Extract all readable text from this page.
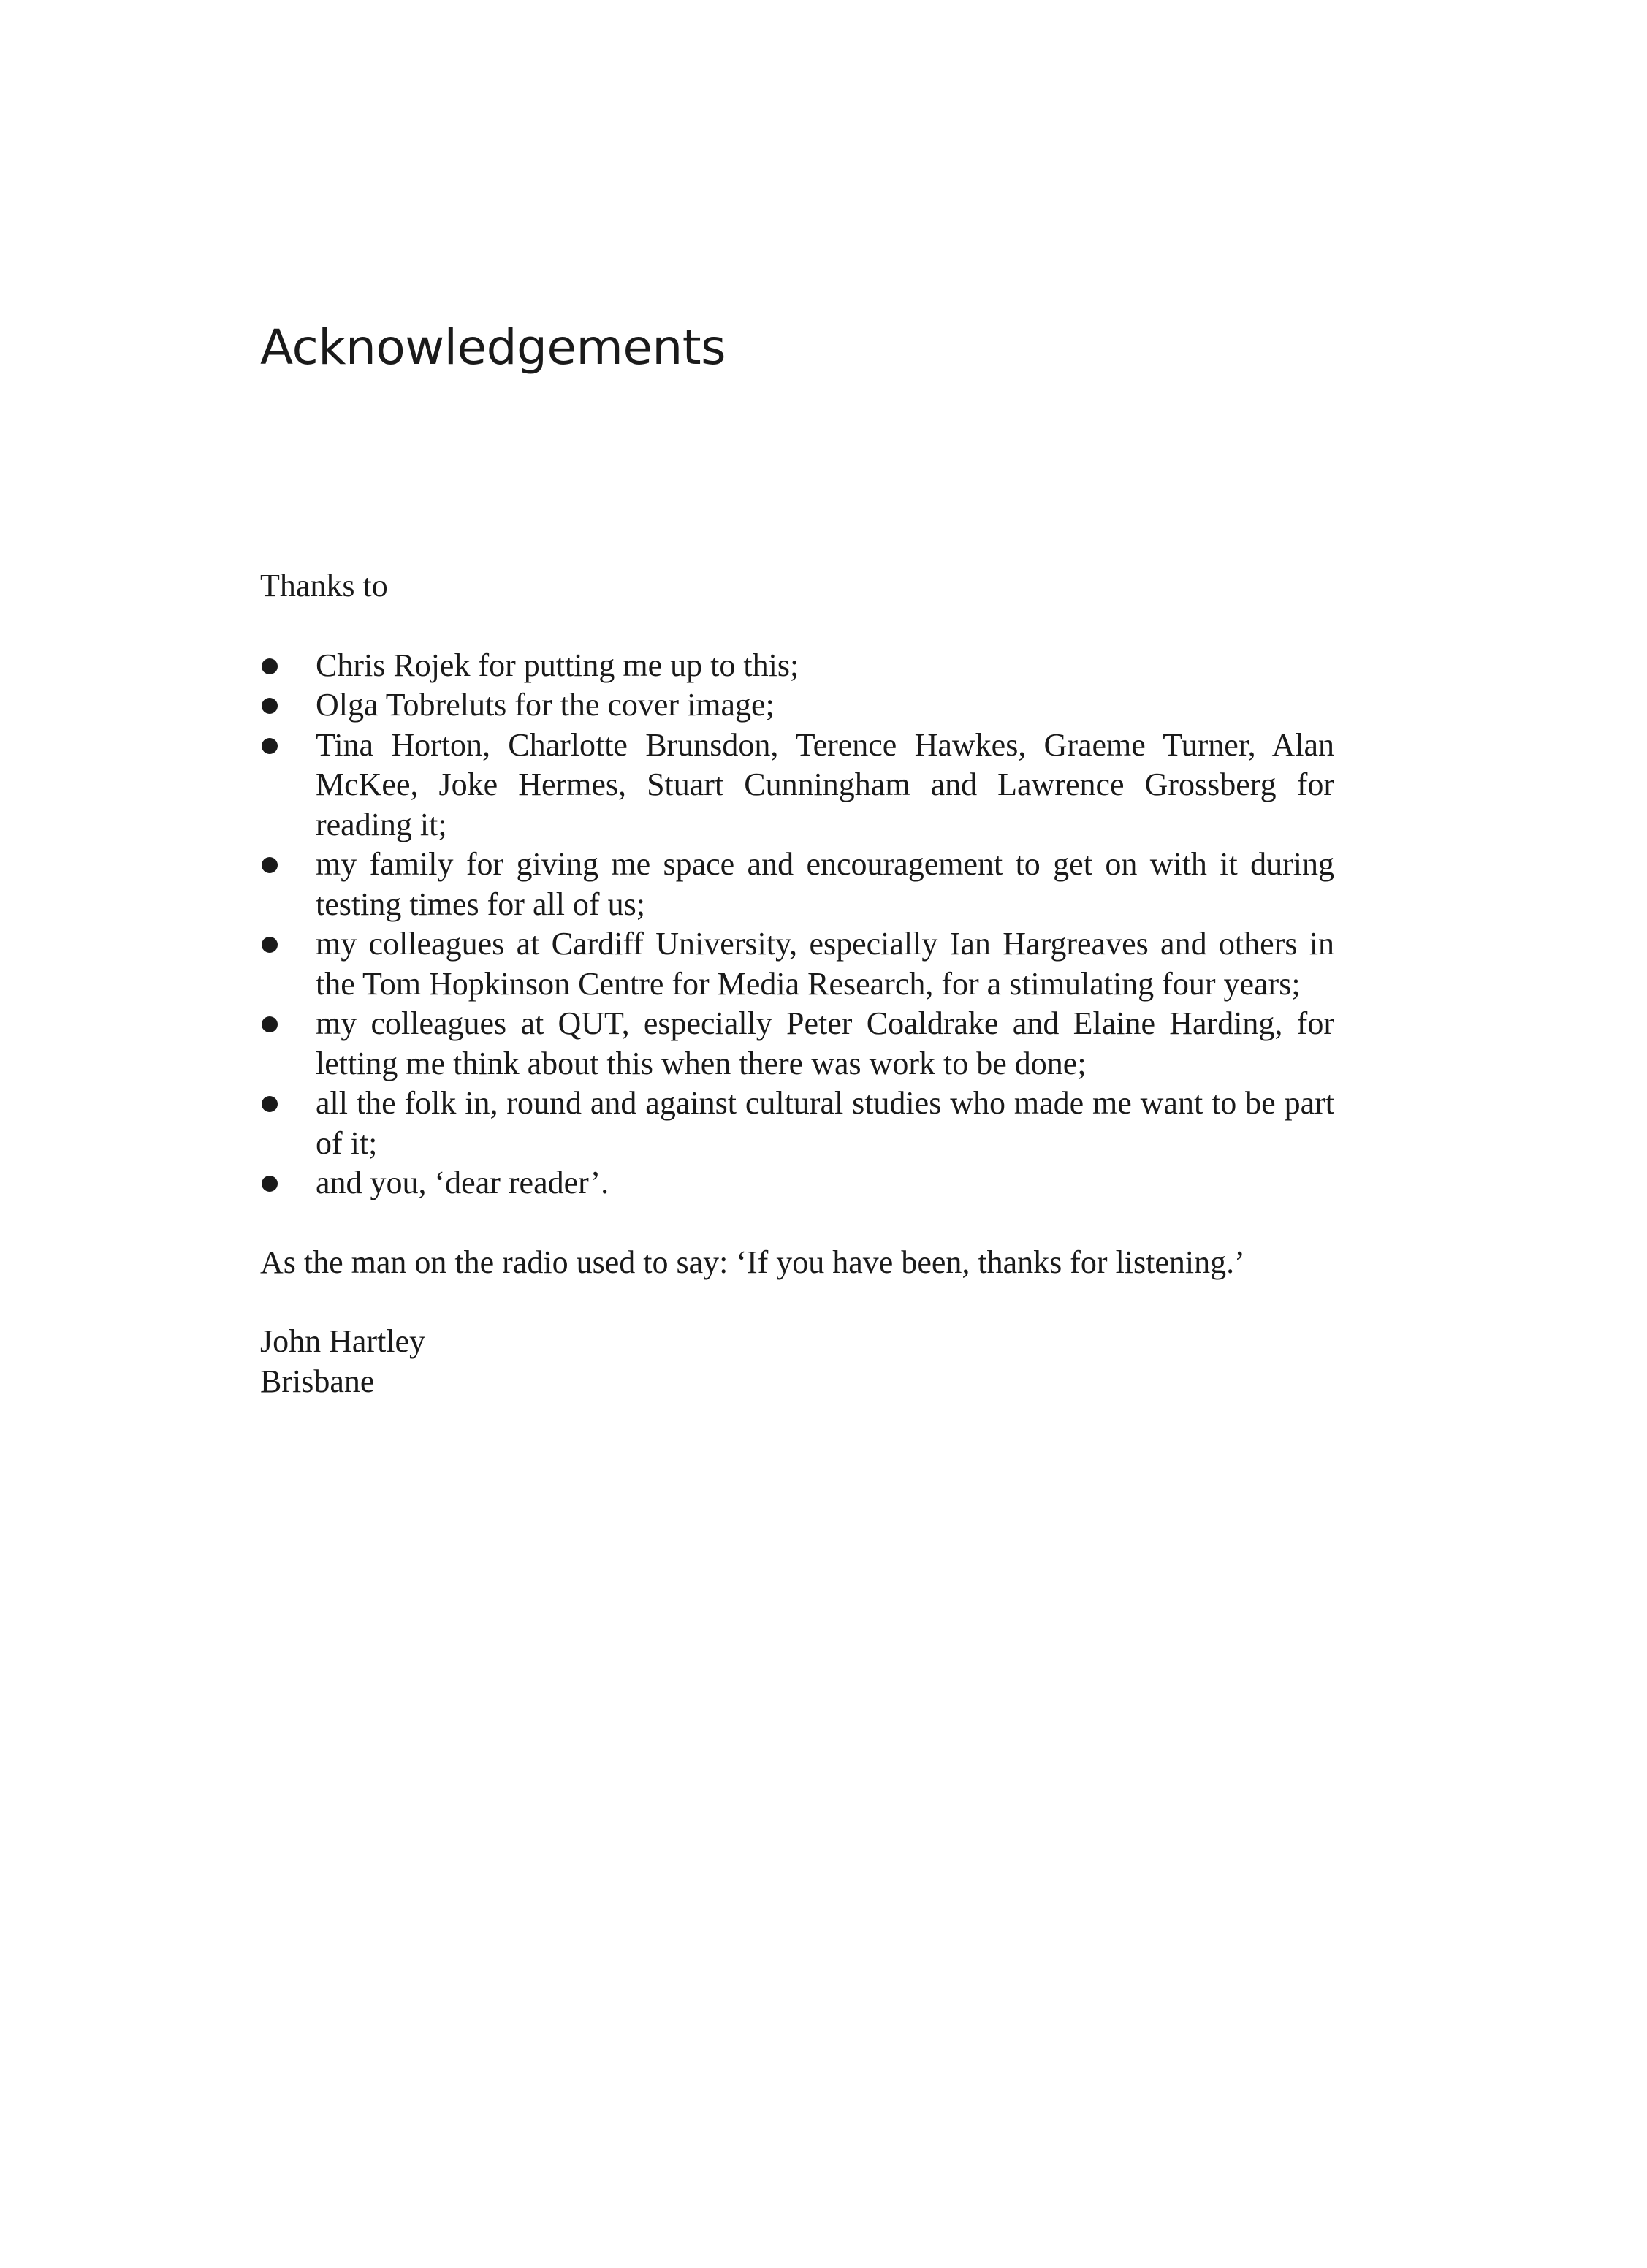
Acknowledgements

Thanks to

Chris Rojek for putting me up to this;
Olga Tobreluts for the cover image;
Tina Horton, Charlotte Brunsdon, Terence Hawkes, Graeme Turner, Alan McKee, Joke Hermes, Stuart Cunningham and Lawrence Grossberg for reading it;
my family for giving me space and encouragement to get on with it during testing times for all of us;
my colleagues at Cardiff University, especially Ian Hargreaves and others in the Tom Hopkinson Centre for Media Research, for a stimulating four years;
my colleagues at QUT, especially Peter Coaldrake and Elaine Harding, for letting me think about this when there was work to be done;
all the folk in, round and against cultural studies who made me want to be part of it;
and you, ‘dear reader’.

As the man on the radio used to say: ‘If you have been, thanks for listening.’

John Hartley
Brisbane
